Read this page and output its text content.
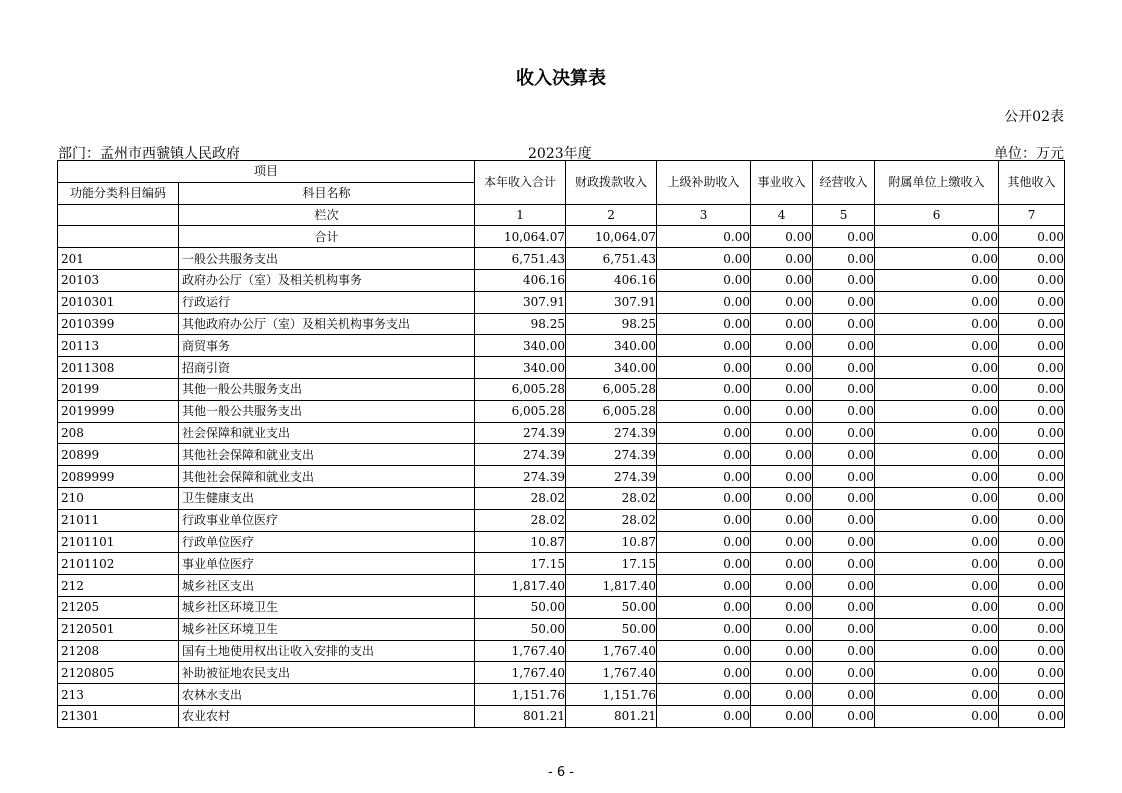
收入决算表
公开02表
部门：孟州市西虢镇人民政府	2023年度	单位：万元
项目		本年收入合计	财政拨款收入	上级补助收入	事业收入	经营收入	附属单位上缴收入	其他收入
功能分类科目编码	科目名称							
	栏次	1	2	3	4	5	6	7
	合计	10,064.07	10,064.07	0.00	0.00	0.00	0.00	0.00
201	一般公共服务支出	6,751.43	6,751.43	0.00	0.00	0.00	0.00	0.00
20103	政府办公厅（室）及相关机构事务	406.16	406.16	0.00	0.00	0.00	0.00	0.00
2010301	行政运行	307.91	307.91	0.00	0.00	0.00	0.00	0.00
2010399	其他政府办公厅（室）及相关机构事务支出	98.25	98.25	0.00	0.00	0.00	0.00	0.00
20113	商贸事务	340.00	340.00	0.00	0.00	0.00	0.00	0.00
2011308	招商引资	340.00	340.00	0.00	0.00	0.00	0.00	0.00
20199	其他一般公共服务支出	6,005.28	6,005.28	0.00	0.00	0.00	0.00	0.00
2019999	其他一般公共服务支出	6,005.28	6,005.28	0.00	0.00	0.00	0.00	0.00
208	社会保障和就业支出	274.39	274.39	0.00	0.00	0.00	0.00	0.00
20899	其他社会保障和就业支出	274.39	274.39	0.00	0.00	0.00	0.00	0.00
2089999	其他社会保障和就业支出	274.39	274.39	0.00	0.00	0.00	0.00	0.00
210	卫生健康支出	28.02	28.02	0.00	0.00	0.00	0.00	0.00
21011	行政事业单位医疗	28.02	28.02	0.00	0.00	0.00	0.00	0.00
2101101	行政单位医疗	10.87	10.87	0.00	0.00	0.00	0.00	0.00
2101102	事业单位医疗	17.15	17.15	0.00	0.00	0.00	0.00	0.00
212	城乡社区支出	1,817.40	1,817.40	0.00	0.00	0.00	0.00	0.00
21205	城乡社区环境卫生	50.00	50.00	0.00	0.00	0.00	0.00	0.00
2120501	城乡社区环境卫生	50.00	50.00	0.00	0.00	0.00	0.00	0.00
21208	国有土地使用权出让收入安排的支出	1,767.40	1,767.40	0.00	0.00	0.00	0.00	0.00
2120805	补助被征地农民支出	1,767.40	1,767.40	0.00	0.00	0.00	0.00	0.00
213	农林水支出	1,151.76	1,151.76	0.00	0.00	0.00	0.00	0.00
21301	农业农村	801.21	801.21	0.00	0.00	0.00	0.00	0.00
- 6 -
